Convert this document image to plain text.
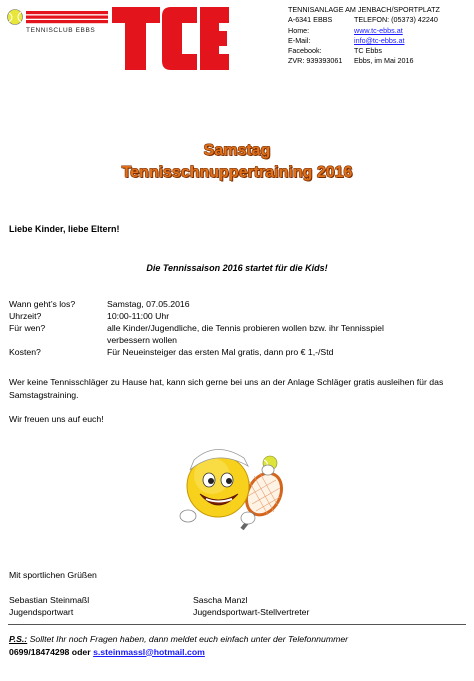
TENNISCLUB EBBS
TENNISANLAGE AM JENBACH/SPORTPLATZ
A-6341 EBBS	TELEFON: (05373) 42240
Home:	www.tc-ebbs.at
E-Mail:	info@tc-ebbs.at
Facebook:	TC Ebbs
ZVR: 939393061	Ebbs, im Mai 2016
Samstag
Tennisschnuppertraining 2016
Liebe Kinder, liebe Eltern!
Die Tennissaison 2016 startet für die Kids!
Wann geht’s los?	Samstag, 07.05.2016
Uhrzeit?	10:00-11:00 Uhr
Für wen?	alle Kinder/Jugendliche, die Tennis probieren wollen bzw. ihr Tennisspiel verbessern wollen
Kosten?	Für Neueinsteiger das ersten Mal gratis, dann pro € 1,-/Std
Wer keine Tennisschläger zu Hause hat, kann sich gerne bei uns an der Anlage Schläger gratis ausleihen für das Samstagstraining.
Wir freuen uns auf euch!
Mit sportlichen Grüßen
Sebastian Steinmaßl
Jugendsportwart
Sascha Manzl
Jugendsportwart-Stellvertreter
P.S.: Solltet Ihr noch Fragen haben, dann meldet euch einfach unter der Telefonnummer
0699/18474298 oder s.steinmassl@hotmail.com
